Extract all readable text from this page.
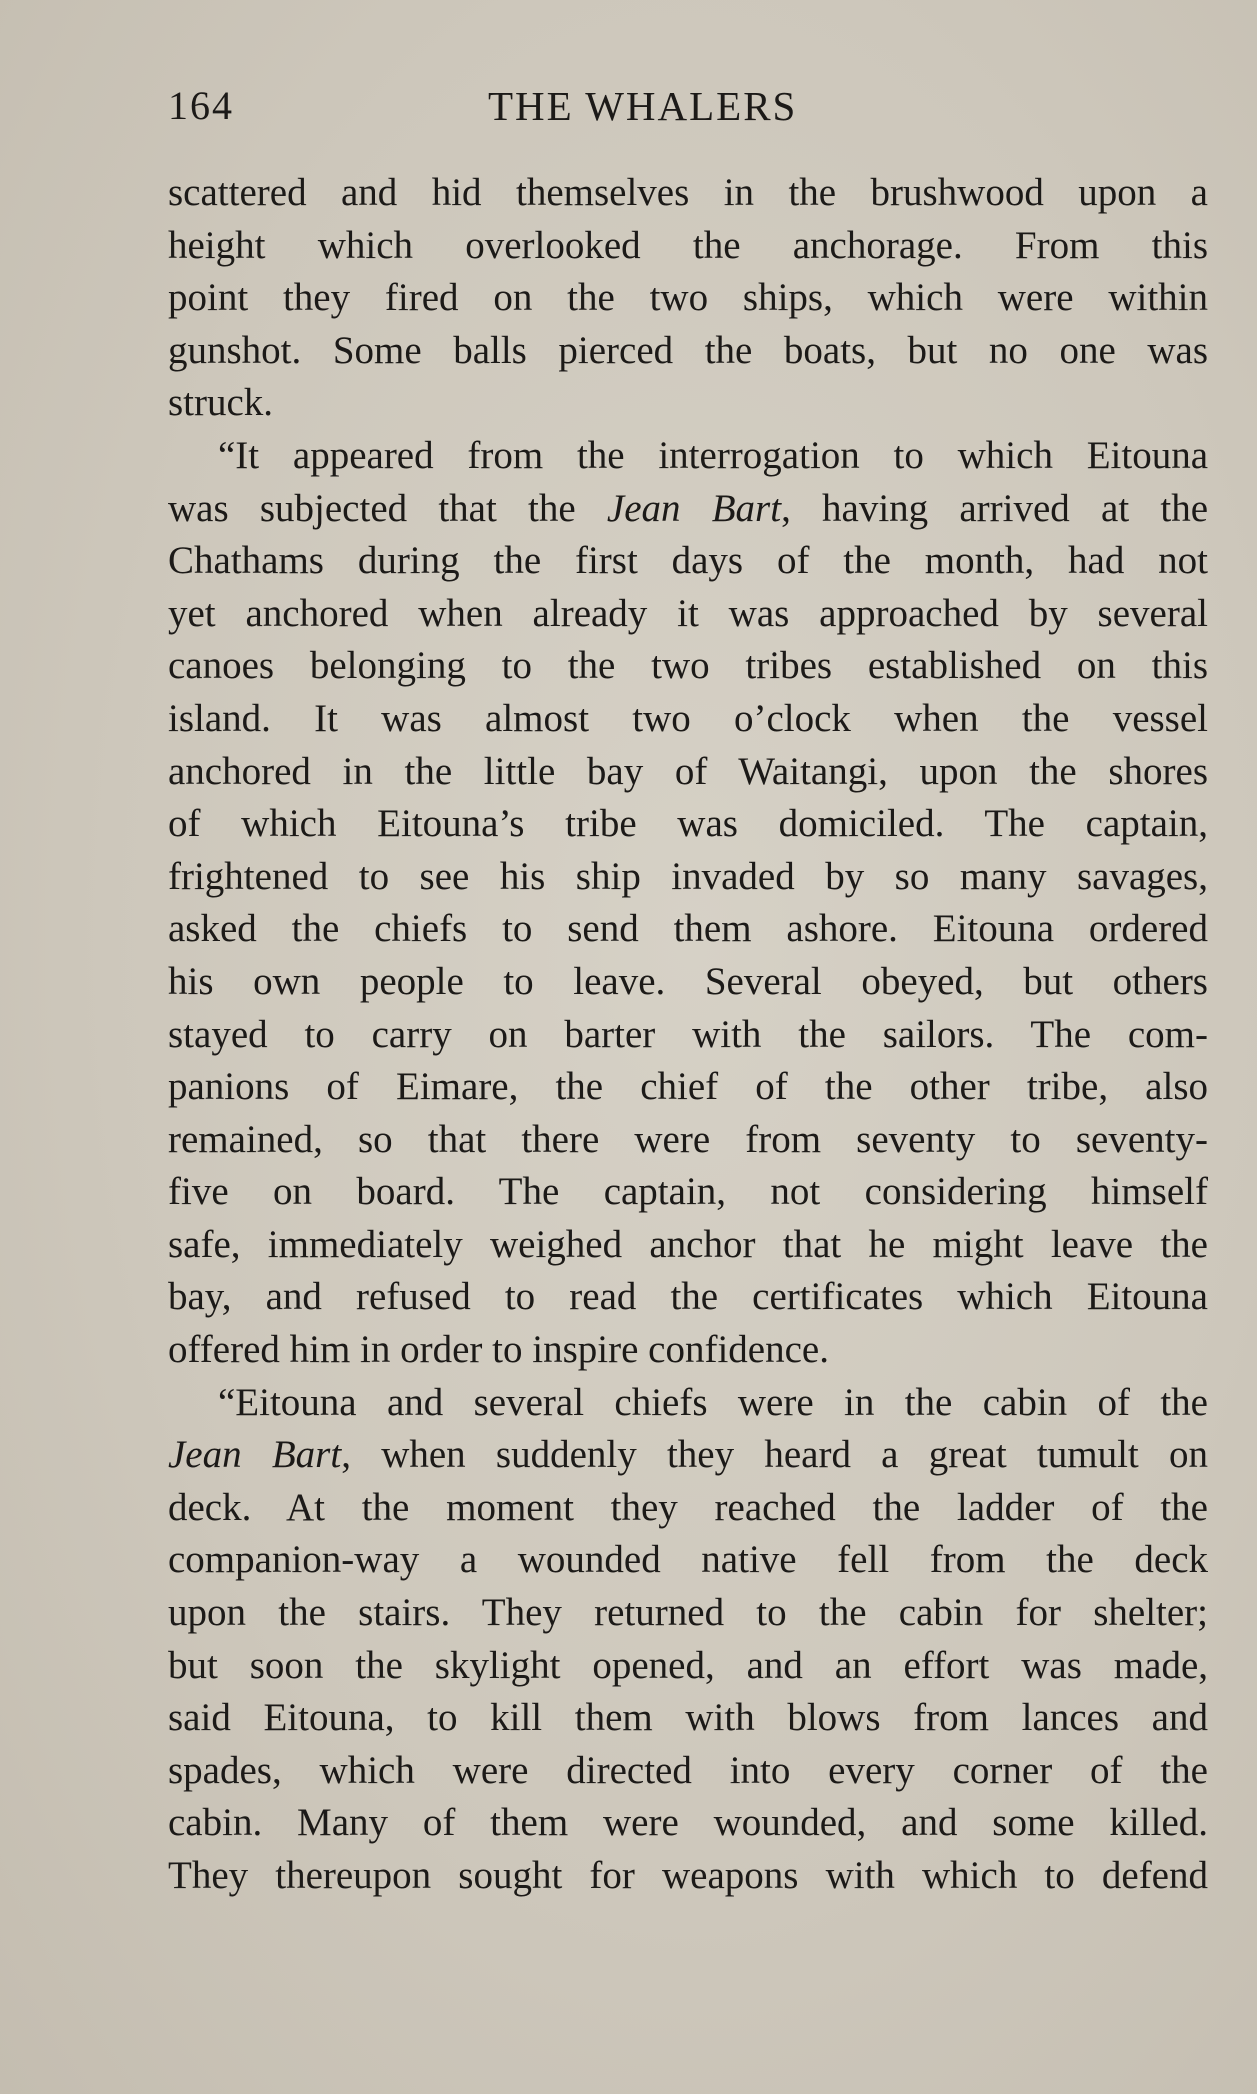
164	THE WHALERS
scattered and hid themselves in the brushwood upon a
height which overlooked the anchorage. From this
point they fired on the two ships, which were within
gunshot. Some balls pierced the boats, but no one was
struck.
“It appeared from the interrogation to which Eitouna
was subjected that the Jean Bart, having arrived at the
Chathams during the first days of the month, had not
yet anchored when already it was approached by several
canoes belonging to the two tribes established on this
island. It was almost two o’clock when the vessel
anchored in the little bay of Waitangi, upon the shores
of which Eitouna’s tribe was domiciled. The captain,
frightened to see his ship invaded by so many savages,
asked the chiefs to send them ashore. Eitouna ordered
his own people to leave. Several obeyed, but others
stayed to carry on barter with the sailors. The com-
panions of Eimare, the chief of the other tribe, also
remained, so that there were from seventy to seventy-
five on board. The captain, not considering himself
safe, immediately weighed anchor that he might leave the
bay, and refused to read the certificates which Eitouna
offered him in order to inspire confidence.
“Eitouna and several chiefs were in the cabin of the
Jean Bart, when suddenly they heard a great tumult on
deck. At the moment they reached the ladder of the
companion-way a wounded native fell from the deck
upon the stairs. They returned to the cabin for shelter;
but soon the skylight opened, and an effort was made,
said Eitouna, to kill them with blows from lances and
spades, which were directed into every corner of the
cabin. Many of them were wounded, and some killed.
They thereupon sought for weapons with which to defend
